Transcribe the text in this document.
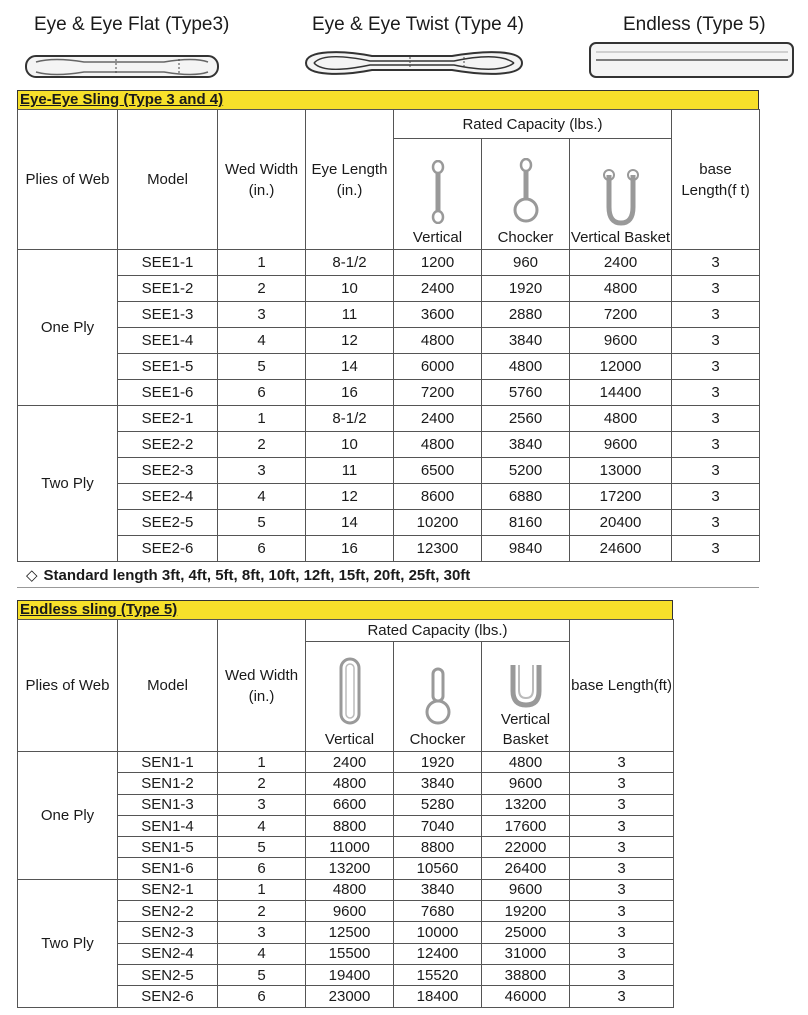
Eye & Eye Flat (Type3)	Eye & Eye Twist (Type 4)	Endless (Type 5)
Eye-Eye Sling (Type 3 and 4)
Plies of Web	Model	Wed Width (in.)	Eye Length (in.)	Rated Capacity (lbs.)			base Length(f t)

				Vertical	Chocker	Vertical Basket	

One Ply	SEE1-1	1	8-1/2	1200	960	2400	3
	SEE1-2	2	10	2400	1920	4800	3
	SEE1-3	3	11	3600	2880	7200	3
	SEE1-4	4	12	4800	3840	9600	3
	SEE1-5	5	14	6000	4800	12000	3
	SEE1-6	6	16	7200	5760	14400	3
Two Ply	SEE2-1	1	8-1/2	2400	2560	4800	3
	SEE2-2	2	10	4800	3840	9600	3
	SEE2-3	3	11	6500	5200	13000	3
	SEE2-4	4	12	8600	6880	17200	3
	SEE2-5	5	14	10200	8160	20400	3
	SEE2-6	6	16	12300	9840	24600	3
◇ Standard length 3ft, 4ft, 5ft, 8ft, 10ft, 12ft, 15ft, 20ft, 25ft, 30ft
Endless sling (Type 5)
Plies of Web	Model	Wed Width (in.)	Rated Capacity (lbs.)			base Length(ft)

			Vertical	Chocker	Vertical Basket	

One Ply	SEN1-1	1	2400	1920	4800	3
	SEN1-2	2	4800	3840	9600	3
	SEN1-3	3	6600	5280	13200	3
	SEN1-4	4	8800	7040	17600	3
	SEN1-5	5	11000	8800	22000	3
	SEN1-6	6	13200	10560	26400	3
Two Ply	SEN2-1	1	4800	3840	9600	3
	SEN2-2	2	9600	7680	19200	3
	SEN2-3	3	12500	10000	25000	3
	SEN2-4	4	15500	12400	31000	3
	SEN2-5	5	19400	15520	38800	3
	SEN2-6	6	23000	18400	46000	3
